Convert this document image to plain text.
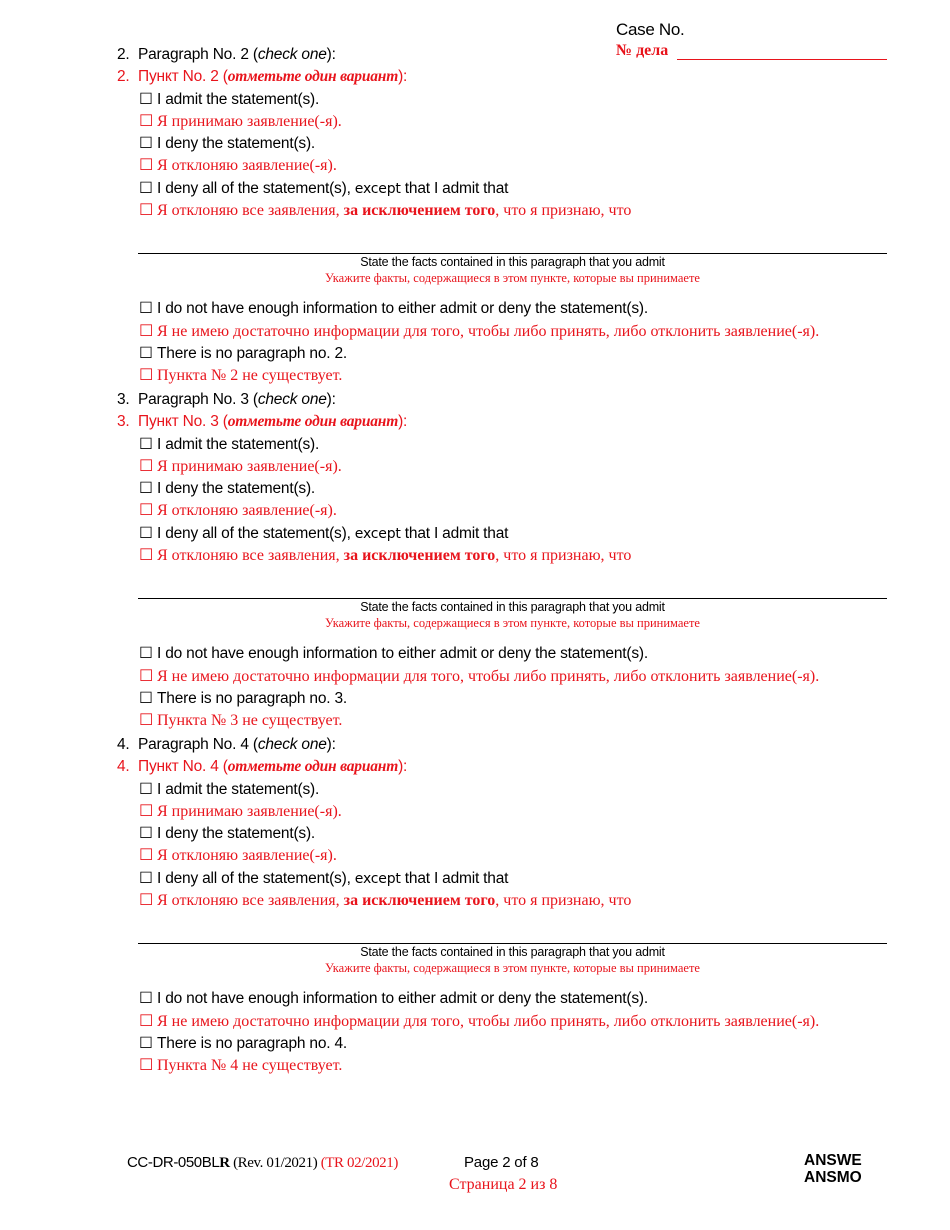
Case No.
№ дела
2. Paragraph No. 2 (check one):
2. Пункт No. 2 (отметьте один вариант):
☐ I admit the statement(s).
☐ Я принимаю заявление(-я).
☐ I deny the statement(s).
☐ Я отклоняю заявление(-я).
☐ I deny all of the statement(s), except that I admit that
☐ Я отклоняю все заявления, за исключением того, что я признаю, что
State the facts contained in this paragraph that you admit
Укажите факты, содержащиеся в этом пункте, которые вы принимаете
☐ I do not have enough information to either admit or deny the statement(s).
☐ Я не имею достаточно информации для того, чтобы либо принять, либо отклонить заявление(-я).
☐ There is no paragraph no. 2.
☐ Пункта № 2 не существует.
3. Paragraph No. 3 (check one):
3. Пункт No. 3 (отметьте один вариант):
☐ I admit the statement(s).
☐ Я принимаю заявление(-я).
☐ I deny the statement(s).
☐ Я отклоняю заявление(-я).
☐ I deny all of the statement(s), except that I admit that
☐ Я отклоняю все заявления, за исключением того, что я признаю, что
State the facts contained in this paragraph that you admit
Укажите факты, содержащиеся в этом пункте, которые вы принимаете
☐ I do not have enough information to either admit or deny the statement(s).
☐ Я не имею достаточно информации для того, чтобы либо принять, либо отклонить заявление(-я).
☐ There is no paragraph no. 3.
☐ Пункта № 3 не существует.
4. Paragraph No. 4 (check one):
4. Пункт No. 4 (отметьте один вариант):
☐ I admit the statement(s).
☐ Я принимаю заявление(-я).
☐ I deny the statement(s).
☐ Я отклоняю заявление(-я).
☐ I deny all of the statement(s), except that I admit that
☐ Я отклоняю все заявления, за исключением того, что я признаю, что
State the facts contained in this paragraph that you admit
Укажите факты, содержащиеся в этом пункте, которые вы принимаете
☐ I do not have enough information to either admit or deny the statement(s).
☐ Я не имею достаточно информации для того, чтобы либо принять, либо отклонить заявление(-я).
☐ There is no paragraph no. 4.
☐ Пункта № 4 не существует.
CC-DR-050BLR (Rev. 01/2021) (TR 02/2021)	Page 2 of 8
Страница 2 из 8
ANSWE
ANSMO
